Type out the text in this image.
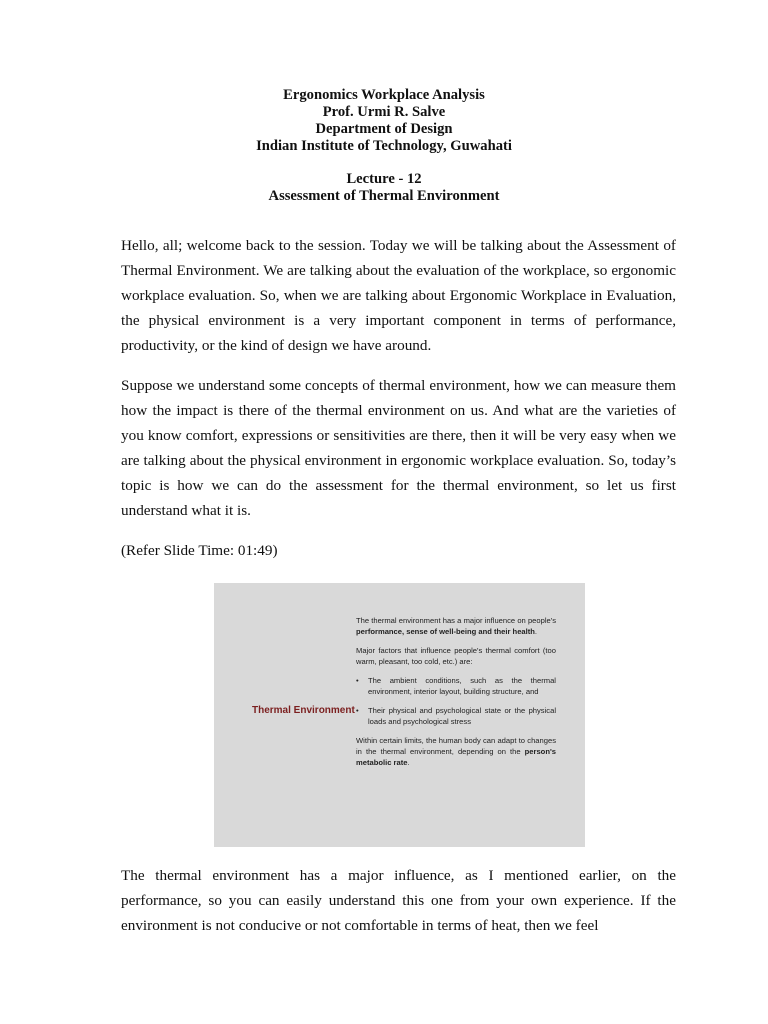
Ergonomics Workplace Analysis
Prof. Urmi R. Salve
Department of Design
Indian Institute of Technology, Guwahati
Lecture - 12
Assessment of Thermal Environment

Hello, all; welcome back to the session. Today we will be talking about the Assessment of Thermal Environment. We are talking about the evaluation of the workplace, so ergonomic workplace evaluation. So, when we are talking about Ergonomic Workplace in Evaluation, the physical environment is a very important component in terms of performance, productivity, or the kind of design we have around.

Suppose we understand some concepts of thermal environment, how we can measure them how the impact is there of the thermal environment on us. And what are the varieties of you know comfort, expressions or sensitivities are there, then it will be very easy when we are talking about the physical environment in ergonomic workplace evaluation. So, today’s topic is how we can do the assessment for the thermal environment, so let us first understand what it is.

(Refer Slide Time: 01:49)
Thermal Environment

The thermal environment has a major influence on people's performance, sense of well-being and their health.

Major factors that influence people's thermal comfort (too warm, pleasant, too cold, etc.) are:

•	The ambient conditions, such as the thermal environment, interior layout, building structure, and
•	Their physical and psychological state or the physical loads and psychological stress

Within certain limits, the human body can adapt to changes in the thermal environment, depending on the person's metabolic rate.

The thermal environment has a major influence, as I mentioned earlier, on the performance, so you can easily understand this one from your own experience. If the environment is not conducive or not comfortable in terms of heat, then we feel
